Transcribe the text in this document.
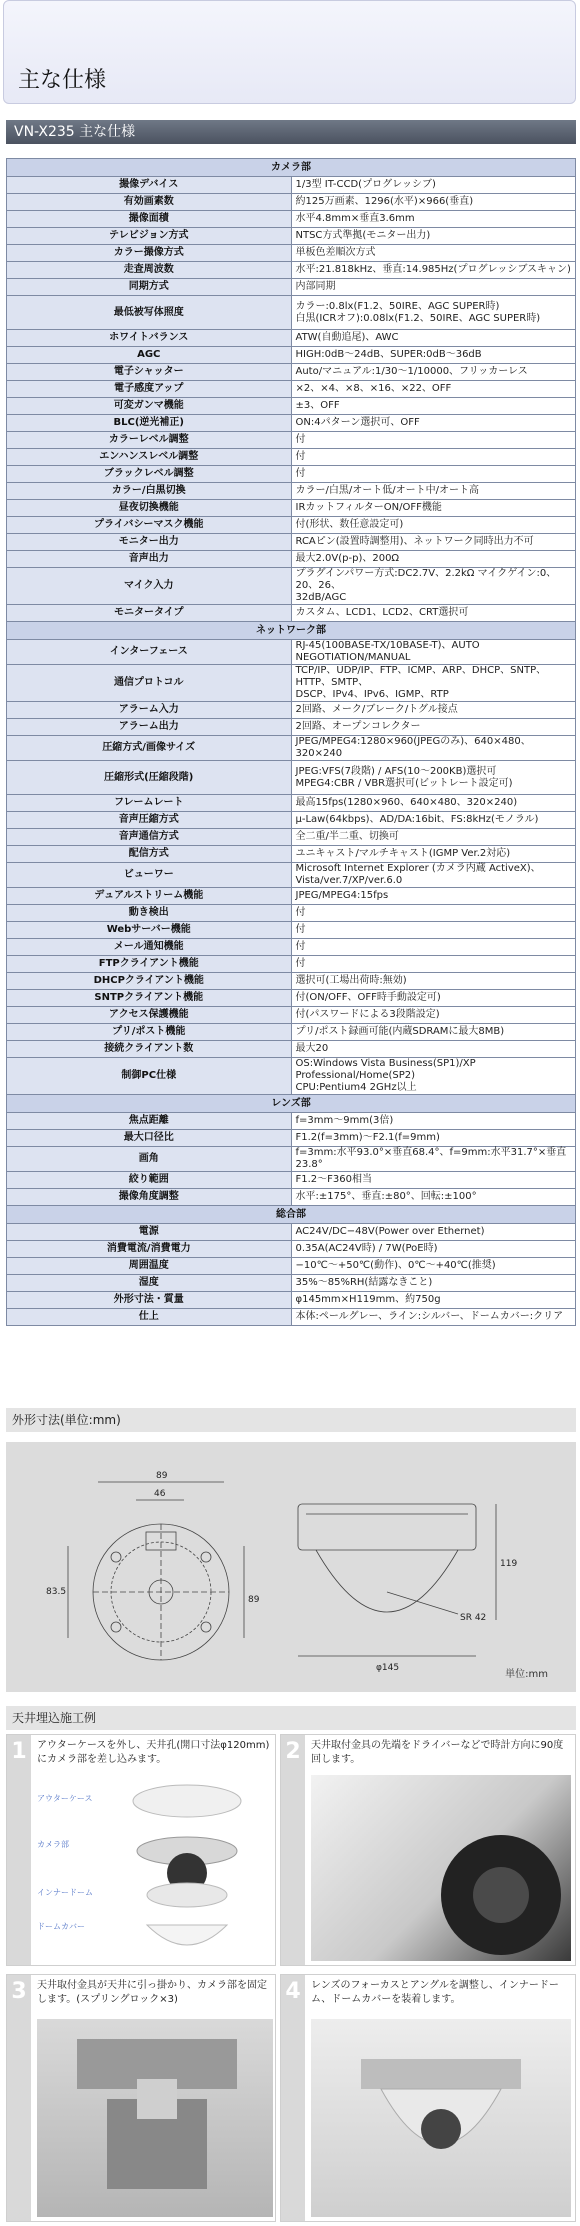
主な仕様
VN-X235 主な仕様
カメラ部	
撮像デバイス	1/3型 IT-CCD(プログレッシブ)

有効画素数	約125万画素、1296(水平)×966(垂直)

撮像面積	水平4.8mm×垂直3.6mm

テレビジョン方式	NTSC方式準拠(モニター出力)

カラー撮像方式	単板色差順次方式

走査周波数	水平:21.818kHz、垂直:14.985Hz(プログレッシブスキャン)

同期方式	内部同期

最低被写体照度	カラー:0.8lx(F1.2、50IRE、AGC SUPER時)
白黒(ICRオフ):0.08lx(F1.2、50IRE、AGC SUPER時)

ホワイトバランス	ATW(自動追尾)、AWC

AGC	HIGH:0dB〜24dB、SUPER:0dB〜36dB

電子シャッター	Auto/マニュアル:1/30〜1/10000、フリッカーレス

電子感度アップ	×2、×4、×8、×16、×22、OFF

可変ガンマ機能	±3、OFF

BLC(逆光補正)	ON:4パターン選択可、OFF

カラーレベル調整	付

エンハンスレベル調整	付

ブラックレベル調整	付

カラー/白黒切換	カラー/白黒/オート低/オート中/オート高

昼夜切換機能	IRカットフィルターON/OFF機能

プライバシーマスク機能	付(形状、数任意設定可)

モニター出力	RCAピン(設置時調整用)、ネットワーク同時出力不可

音声出力	最大2.0V(p-p)、200Ω

マイク入力	プラグインパワー方式:DC2.7V、2.2kΩ マイクゲイン:0、20、26、
32dB/AGC

モニタータイプ	カスタム、LCD1、LCD2、CRT選択可

ネットワーク部	
インターフェース	RJ-45(100BASE-TX/10BASE-T)、AUTO NEGOTIATION/MANUAL

通信プロトコル	TCP/IP、UDP/IP、FTP、ICMP、ARP、DHCP、SNTP、HTTP、SMTP、
DSCP、IPv4、IPv6、IGMP、RTP

アラーム入力	2回路、メーク/ブレーク/トグル接点

アラーム出力	2回路、オープンコレクター

圧縮方式/画像サイズ	JPEG/MPEG4:1280×960(JPEGのみ)、640×480、320×240

圧縮形式(圧縮段階)	JPEG:VFS(7段階) / AFS(10〜200KB)選択可
MPEG4:CBR / VBR選択可(ビットレート設定可)

フレームレート	最高15fps(1280×960、640×480、320×240)

音声圧縮方式	μ-Law(64kbps)、AD/DA:16bit、FS:8kHz(モノラル)

音声通信方式	全二重/半二重、切換可

配信方式	ユニキャスト/マルチキャスト(IGMP Ver.2対応)

ビューワー	Microsoft Internet Explorer (カメラ内蔵 ActiveX)、Vista/ver.7/XP/ver.6.0

デュアルストリーム機能	JPEG/MPEG4:15fps

動き検出	付

Webサーバー機能	付

メール通知機能	付

FTPクライアント機能	付

DHCPクライアント機能	選択可(工場出荷時:無効)

SNTPクライアント機能	付(ON/OFF、OFF時手動設定可)

アクセス保護機能	付(パスワードによる3段階設定)

プリ/ポスト機能	プリ/ポスト録画可能(内蔵SDRAMに最大8MB)

接続クライアント数	最大20

制御PC仕様	OS:Windows Vista Business(SP1)/XP Professional/Home(SP2)
CPU:Pentium4 2GHz以上

レンズ部	
焦点距離	f=3mm〜9mm(3倍)

最大口径比	F1.2(f=3mm)〜F2.1(f=9mm)

画角	f=3mm:水平93.0°×垂直68.4°、f=9mm:水平31.7°×垂直23.8°

絞り範囲	F1.2〜F360相当

撮像角度調整	水平:±175°、垂直:±80°、回転:±100°

総合部	
電源	AC24V/DC−48V(Power over Ethernet)

消費電流/消費電力	0.35A(AC24V時) / 7W(PoE時)

周囲温度	−10℃〜+50℃(動作)、0℃〜+40℃(推奨)

湿度	35%〜85%RH(結露なきこと)

外形寸法・質量	φ145mm×H119mm、約750g

仕上	本体:ペールグレー、ライン:シルバー、ドームカバー:クリア
外形寸法(単位:mm)
89
46
83.5
89
119
SR 42
φ145
単位:mm
天井埋込施工例
1	アウターケースを外し、天井孔(開口寸法φ120mm)にカメラ部を差し込みます。
アウターケース
カメラ部
インナードーム
ドームカバー
2	天井取付金具の先端をドライバーなどで時計方向に90度回します。
3	天井取付金具が天井に引っ掛かり、カメラ部を固定します。(スプリングロック×3)	4	レンズのフォーカスとアングルを調整し、インナードーム、ドームカバーを装着します。
